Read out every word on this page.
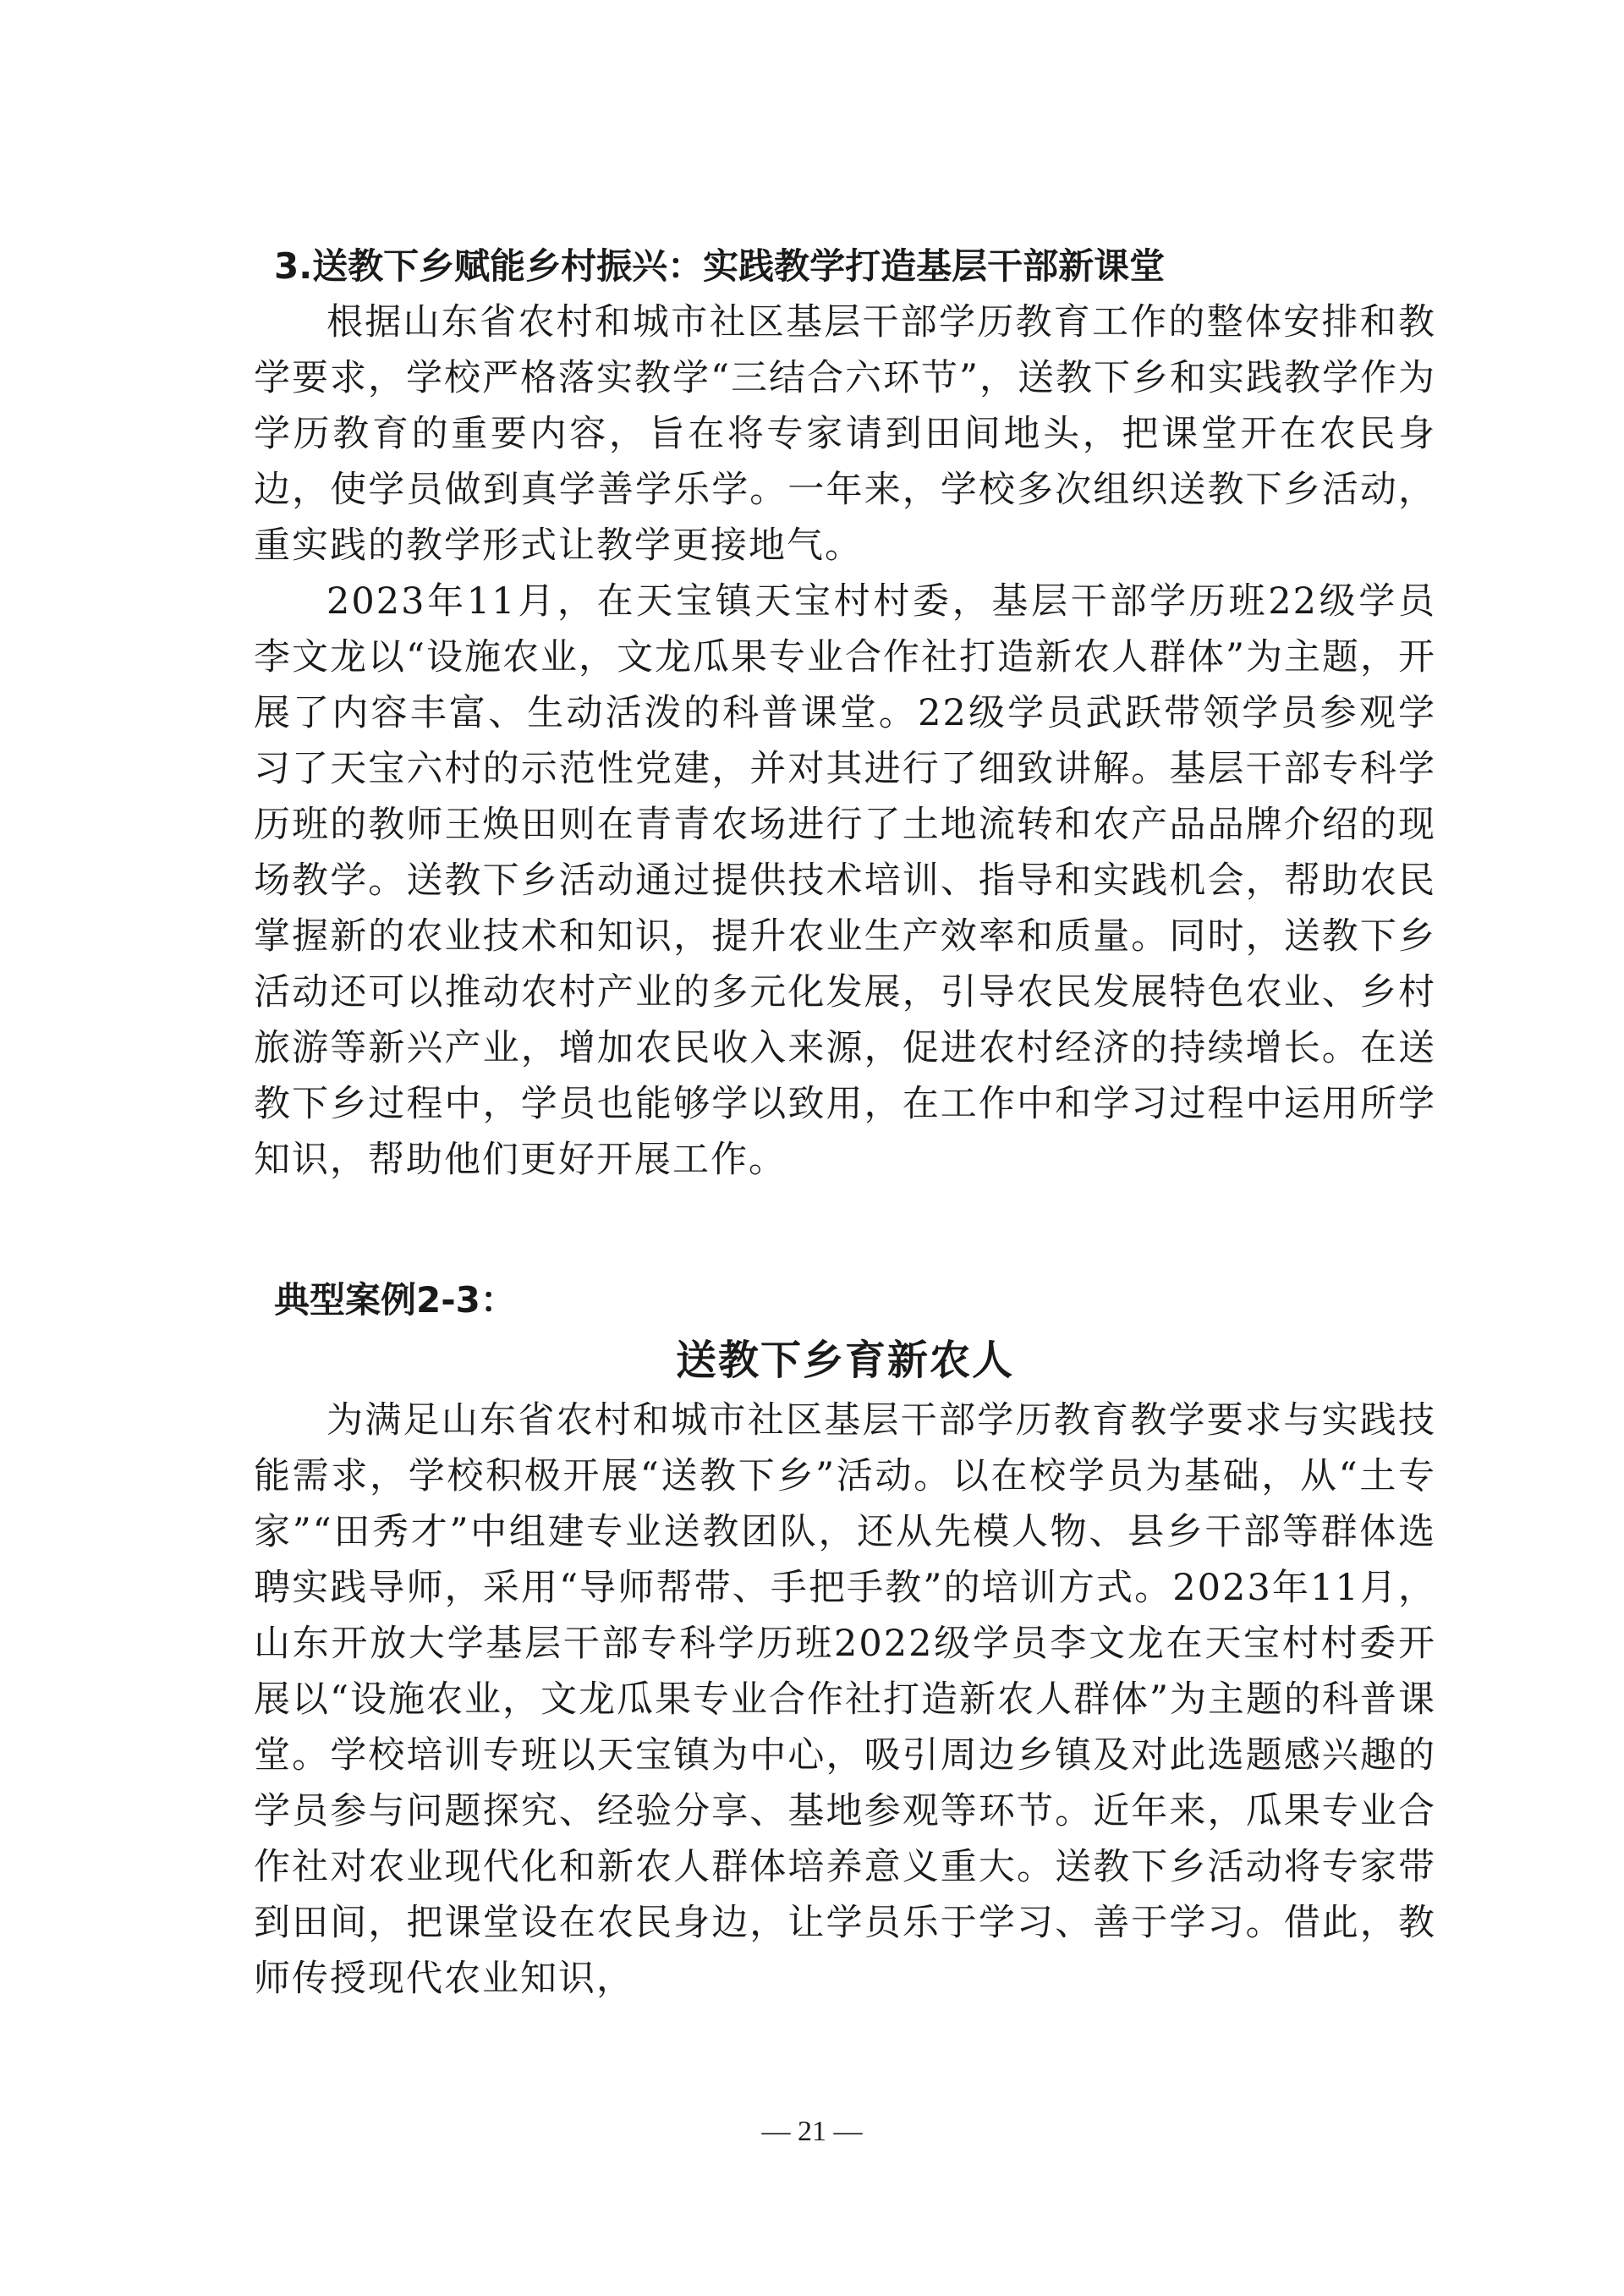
3.送教下乡赋能乡村振兴：实践教学打造基层干部新课堂

根据山东省农村和城市社区基层干部学历教育工作的整体安排和教学要求，学校严格落实教学“三结合六环节”，送教下乡和实践教学作为学历教育的重要内容，旨在将专家请到田间地头，把课堂开在农民身边，使学员做到真学善学乐学。一年来，学校多次组织送教下乡活动，重实践的教学形式让教学更接地气。

2023年11月，在天宝镇天宝村村委，基层干部学历班22级学员李文龙以“设施农业，文龙瓜果专业合作社打造新农人群体”为主题，开展了内容丰富、生动活泼的科普课堂。22级学员武跃带领学员参观学习了天宝六村的示范性党建，并对其进行了细致讲解。基层干部专科学历班的教师王焕田则在青青农场进行了土地流转和农产品品牌介绍的现场教学。送教下乡活动通过提供技术培训、指导和实践机会，帮助农民掌握新的农业技术和知识，提升农业生产效率和质量。同时，送教下乡活动还可以推动农村产业的多元化发展，引导农民发展特色农业、乡村旅游等新兴产业，增加农民收入来源，促进农村经济的持续增长。在送教下乡过程中，学员也能够学以致用，在工作中和学习过程中运用所学知识，帮助他们更好开展工作。

典型案例2-3：
送教下乡育新农人

为满足山东省农村和城市社区基层干部学历教育教学要求与实践技能需求，学校积极开展“送教下乡”活动。以在校学员为基础，从“土专家”“田秀才”中组建专业送教团队，还从先模人物、县乡干部等群体选聘实践导师，采用“导师帮带、手把手教”的培训方式。2023年11月，山东开放大学基层干部专科学历班2022级学员李文龙在天宝村村委开展以“设施农业，文龙瓜果专业合作社打造新农人群体”为主题的科普课堂。学校培训专班以天宝镇为中心，吸引周边乡镇及对此选题感兴趣的学员参与问题探究、经验分享、基地参观等环节。近年来，瓜果专业合作社对农业现代化和新农人群体培养意义重大。送教下乡活动将专家带到田间，把课堂设在农民身边，让学员乐于学习、善于学习。借此，教师传授现代农业知识，

— 21 —
